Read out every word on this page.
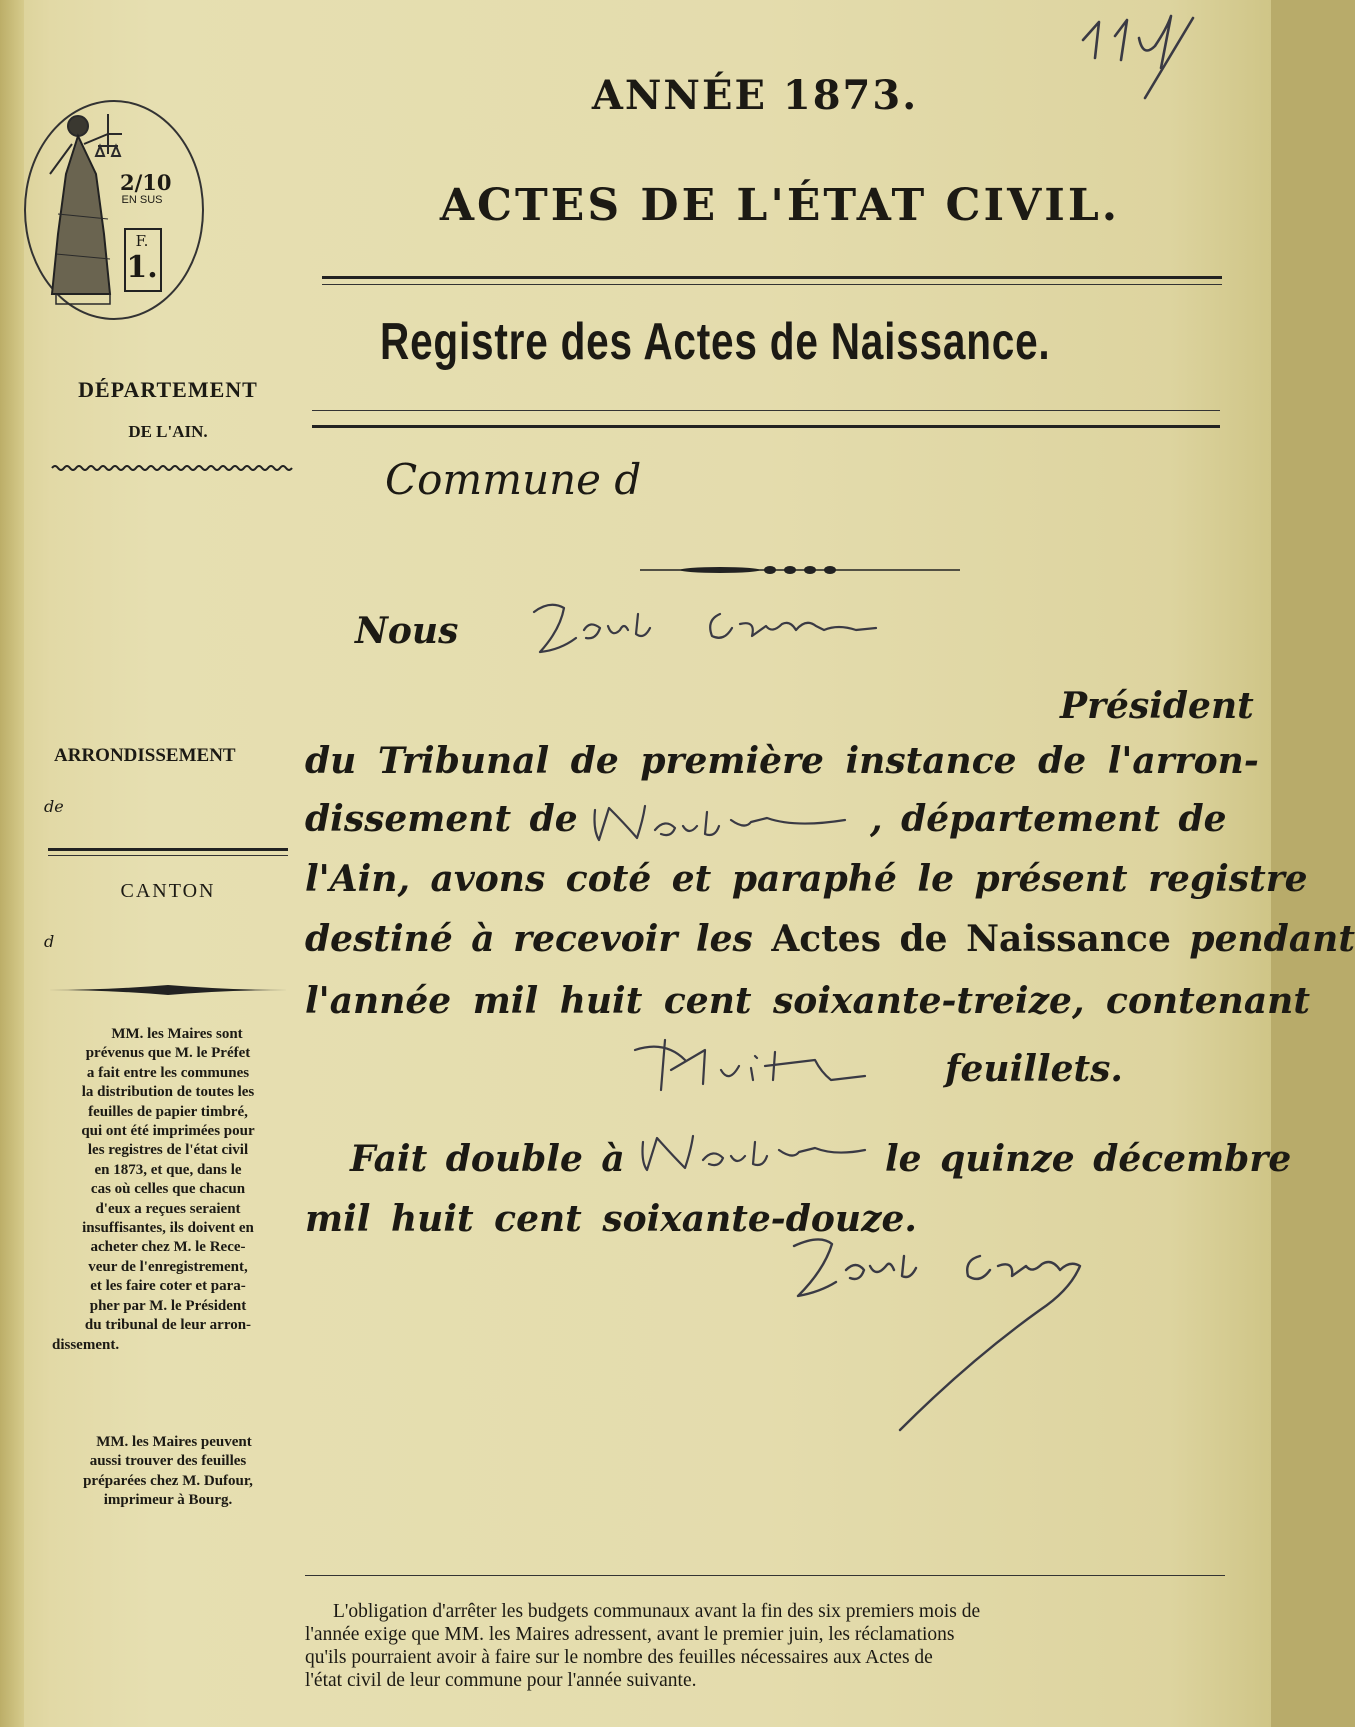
ANNÉE 1873.
ACTES DE L'ÉTAT CIVIL.
Registre des Actes de Naissance.
Commune d
2/10
EN SUS
F.
1.
DÉPARTEMENT
DE L'AIN.
ARRONDISSEMENT
de
CANTON
d
MM. les Maires sont
prévenus que M. le Préfet
a fait entre les communes
la distribution de toutes les
feuilles de papier timbré,
qui ont été imprimées pour
les registres de l'état civil
en 1873, et que, dans le
cas où celles que chacun
d'eux a reçues seraient
insuffisantes, ils doivent en
acheter chez M. le Rece-
veur de l'enregistrement,
et les faire coter et para-
pher par M. le Président
du tribunal de leur arron-
dissement.
MM. les Maires peuvent
aussi trouver des feuilles
préparées chez M. Dufour,
imprimeur à Bourg.
Nous
Président
du Tribunal de première instance de l'arron-
dissement de	, département de
l'Ain, avons coté et paraphé le présent registre
destiné à recevoir les Actes de Naissance pendant
l'année mil huit cent soixante-treize, contenant
feuillets.
Fait double à	le quinze décembre
mil huit cent soixante-douze.
L'obligation d'arrêter les budgets communaux avant la fin des six premiers mois de
l'année exige que MM. les Maires adressent, avant le premier juin, les réclamations
qu'ils pourraient avoir à faire sur le nombre des feuilles nécessaires aux Actes de
l'état civil de leur commune pour l'année suivante.
